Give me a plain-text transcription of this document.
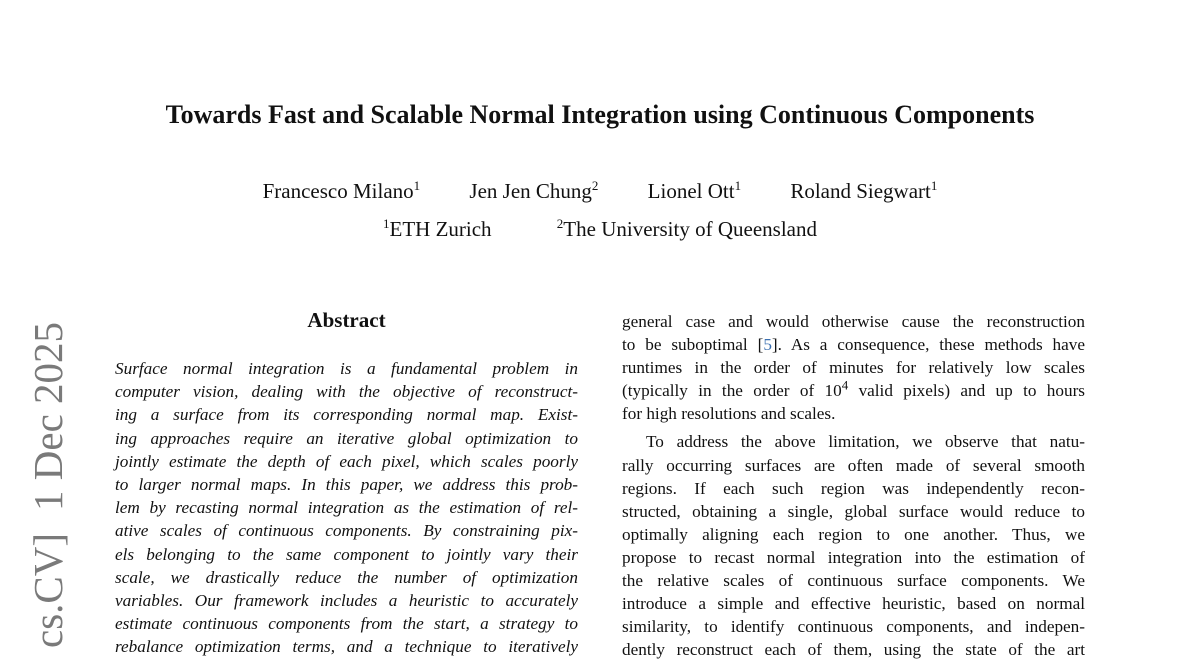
cs.CV]1 Dec 2025
Towards Fast and Scalable Normal Integration using Continuous Components
Francesco Milano$^1$ Jen Jen Chung$^2$ Lionel Ott$^1$ Roland Siegwart$^1$
$^1$ETH Zurich	$^2$The University of Queensland
Abstract
Surface normal integration is a fundamental problem in
computer vision, dealing with the objective of reconstruct-
ing a surface from its corresponding normal map. Exist-
ing approaches require an iterative global optimization to
jointly estimate the depth of each pixel, which scales poorly
to larger normal maps. In this paper, we address this prob-
lem by recasting normal integration as the estimation of rel-
ative scales of continuous components. By constraining pix-
els belonging to the same component to jointly vary their
scale, we drastically reduce the number of optimization
variables. Our framework includes a heuristic to accurately
estimate continuous components from the start, a strategy to
rebalance optimization terms, and a technique to iteratively

general case and would otherwise cause the reconstruction
to be suboptimal [5]. As a consequence, these methods have
runtimes in the order of minutes for relatively low scales
(typically in the order of $10^4$ valid pixels) and up to hours
for high resolutions and scales.

To address the above limitation, we observe that natu-
rally occurring surfaces are often made of several smooth
regions. If each such region was independently recon-
structed, obtaining a single, global surface would reduce to
optimally aligning each region to one another. Thus, we
propose to recast normal integration into the estimation of
the relative scales of continuous surface components. We
introduce a simple and effective heuristic, based on normal
similarity, to identify continuous components, and indepen-
dently reconstruct each of them, using the state of the art
